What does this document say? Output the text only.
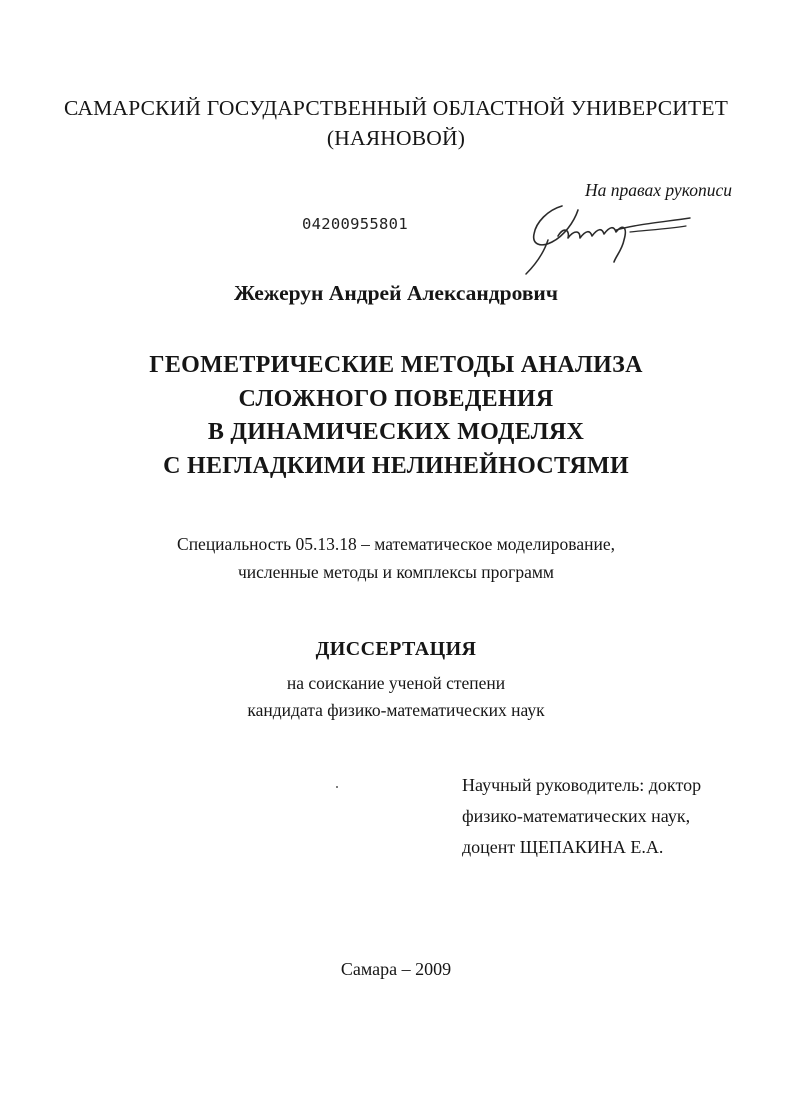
САМАРСКИЙ ГОСУДАРСТВЕННЫЙ ОБЛАСТНОЙ УНИВЕРСИТЕТ
(НАЯНОВОЙ)
На правах рукописи
04200955801
Жежерун Андрей Александрович
ГЕОМЕТРИЧЕСКИЕ МЕТОДЫ АНАЛИЗА
СЛОЖНОГО ПОВЕДЕНИЯ
В ДИНАМИЧЕСКИХ МОДЕЛЯХ
С НЕГЛАДКИМИ НЕЛИНЕЙНОСТЯМИ
Специальность 05.13.18 – математическое моделирование,
численные методы и комплексы программ
ДИССЕРТАЦИЯ
на соискание ученой степени
кандидата физико-математических наук
Научный руководитель: доктор
физико-математических наук,
доцент ЩЕПАКИНА Е.А.
Самара – 2009
